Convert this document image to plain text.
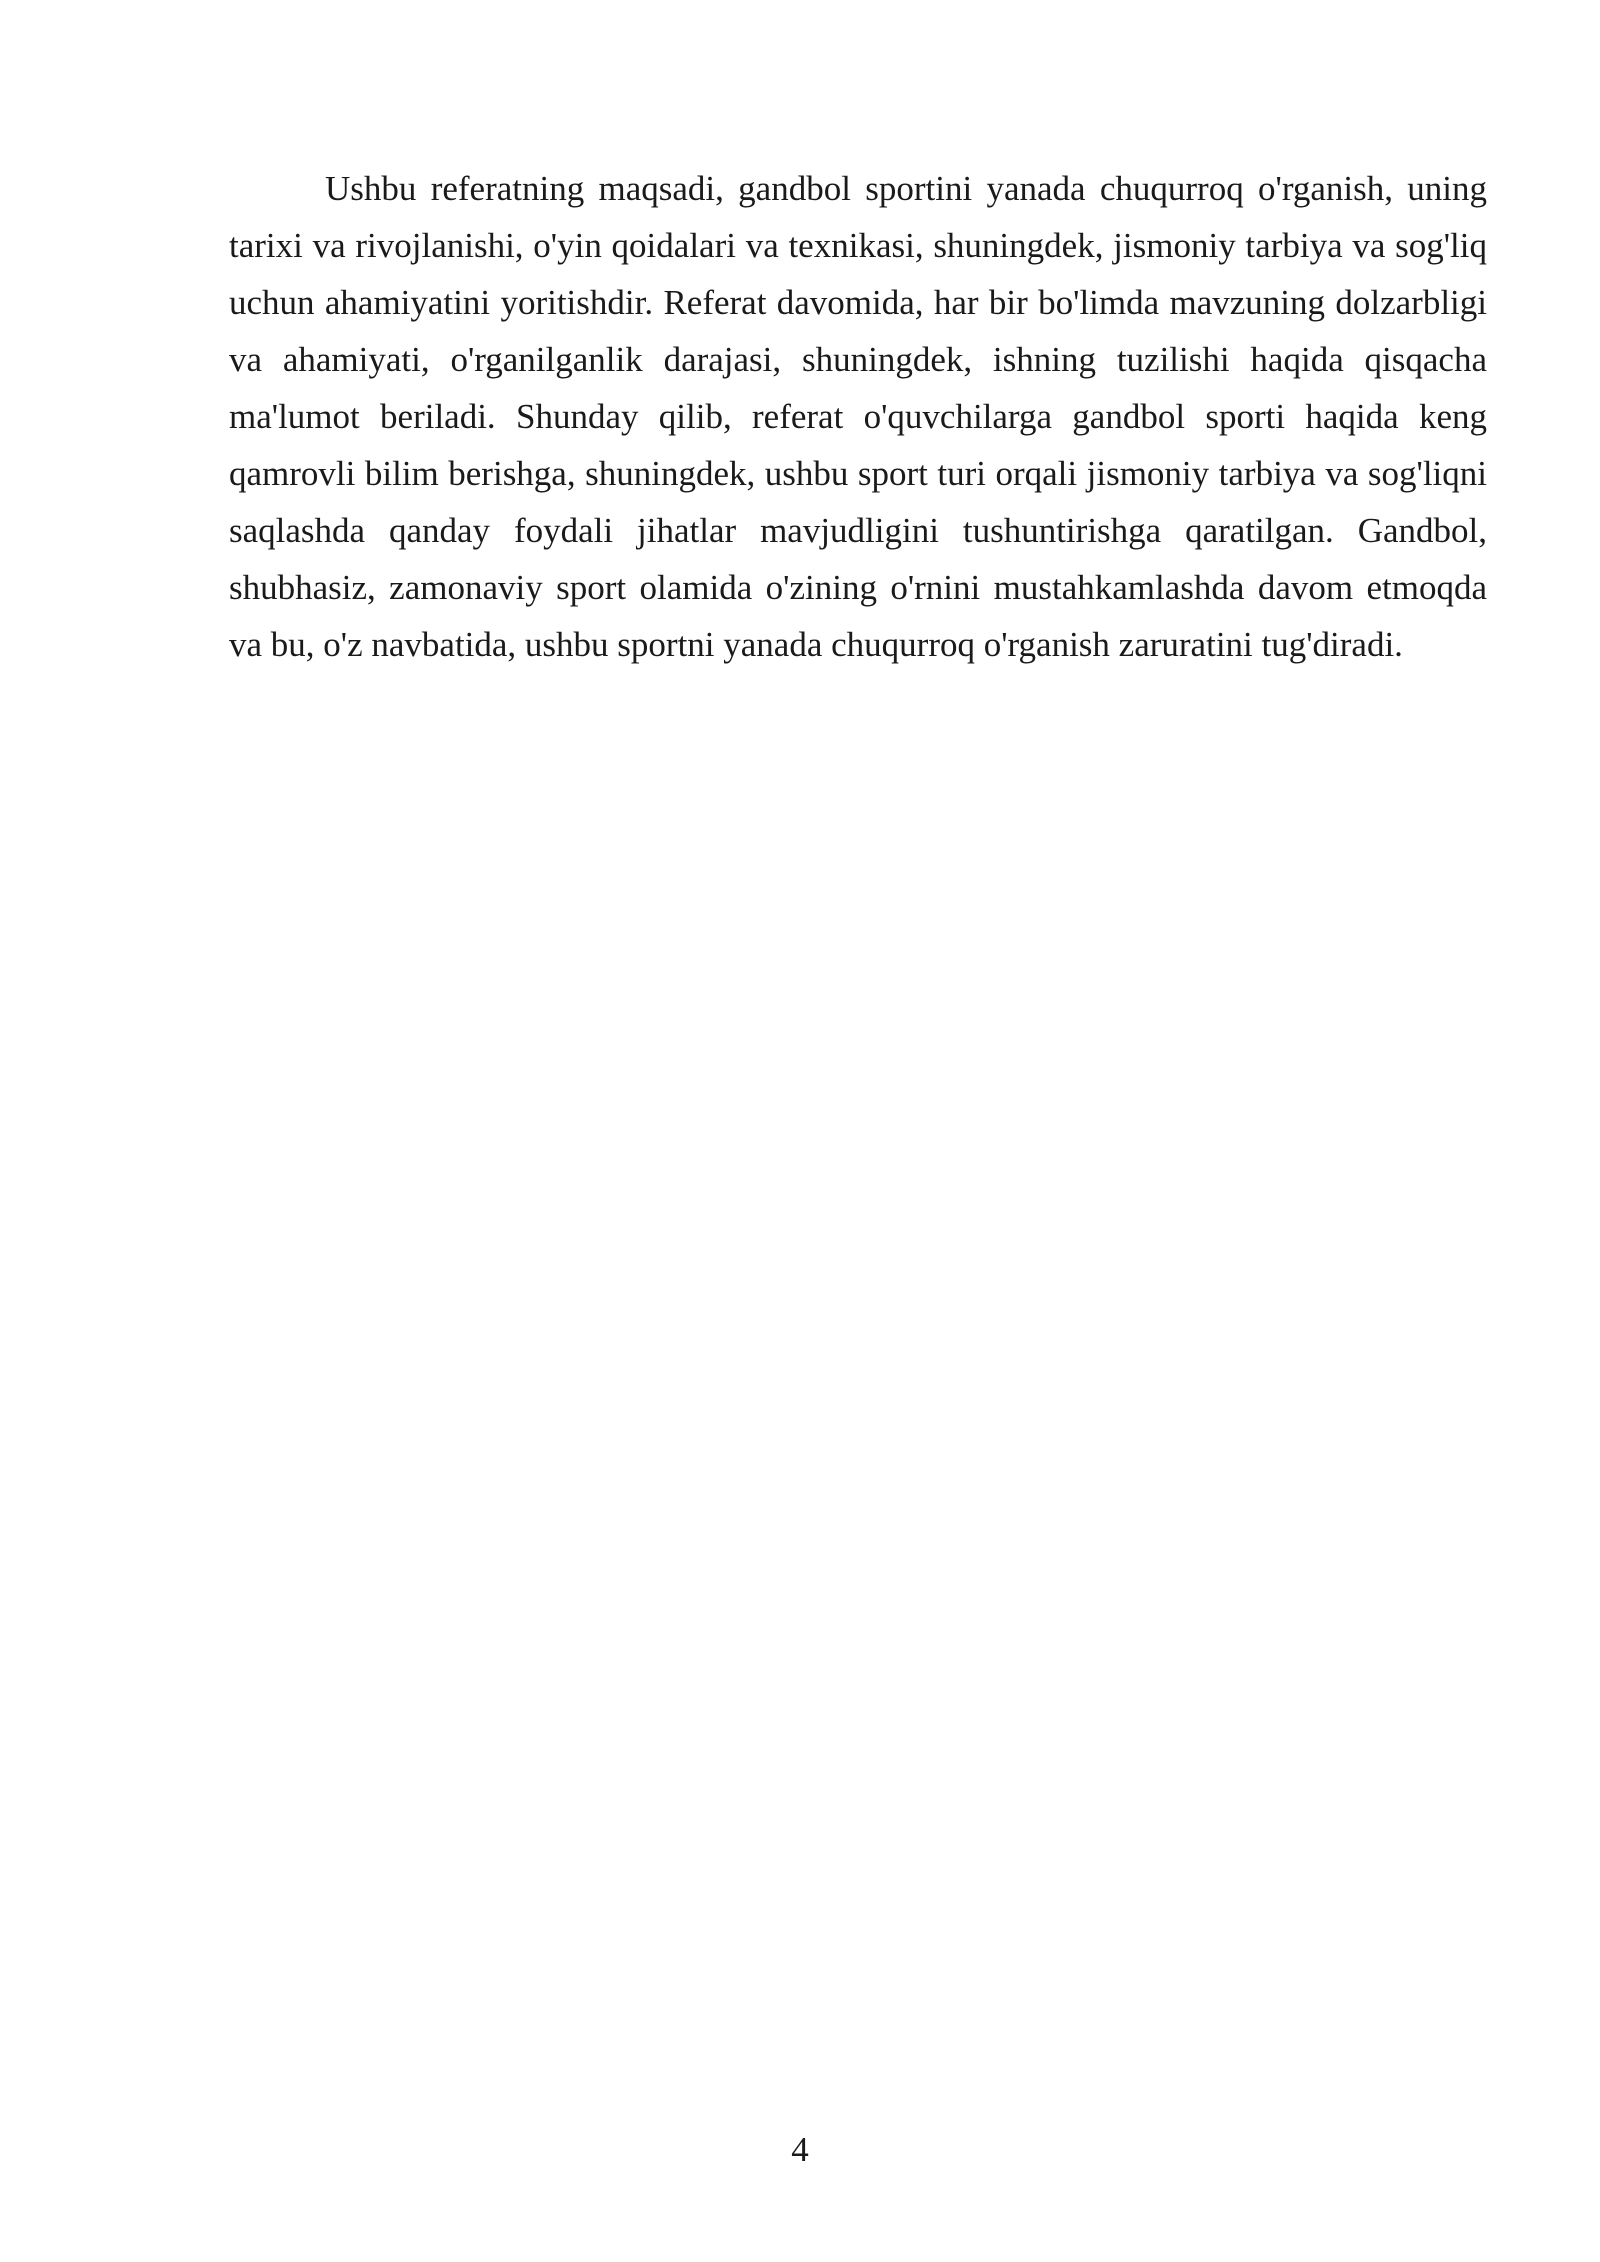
Ushbu referatning maqsadi, gandbol sportini yanada chuqurroq o'rganish, uning tarixi va rivojlanishi, o'yin qoidalari va texnikasi, shuningdek, jismoniy tarbiya va sog'liq uchun ahamiyatini yoritishdir. Referat davomida, har bir bo'limda mavzuning dolzarbligi va ahamiyati, o'rganilganlik darajasi, shuningdek, ishning tuzilishi haqida qisqacha ma'lumot beriladi. Shunday qilib, referat o'quvchilarga gandbol sporti haqida keng qamrovli bilim berishga, shuningdek, ushbu sport turi orqali jismoniy tarbiya va sog'liqni saqlashda qanday foydali jihatlar mavjudligini tushuntirishga qaratilgan. Gandbol, shubhasiz, zamonaviy sport olamida o'zining o'rnini mustahkamlashda davom etmoqda va bu, o'z navbatida, ushbu sportni yanada chuqurroq o'rganish zaruratini tug'diradi.

4
